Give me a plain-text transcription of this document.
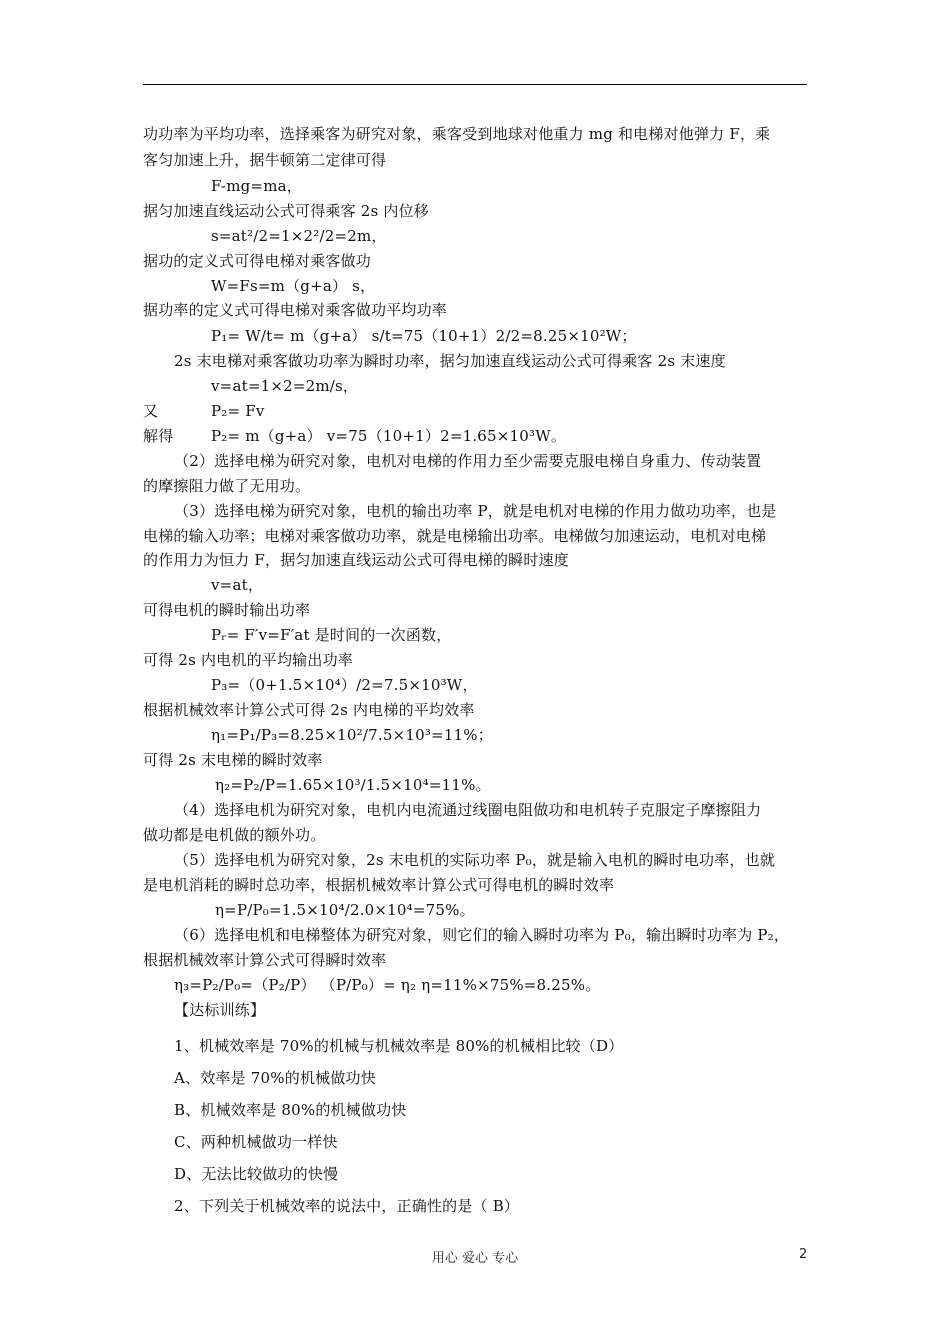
功功率为平均功率，选择乘客为研究对象，乘客受到地球对他重力 mg 和电梯对他弹力 F，乘
客匀加速上升，据牛顿第二定律可得
F-mg=ma，
据匀加速直线运动公式可得乘客 2s 内位移
s=at²/2=1×2²/2=2m，
据功的定义式可得电梯对乘客做功
W=Fs=m（g+a） s，
据功率的定义式可得电梯对乘客做功平均功率
P₁= W/t= m（g+a） s/t=75（10+1）2/2=8.25×10²W；
2s 末电梯对乘客做功功率为瞬时功率，据匀加速直线运动公式可得乘客 2s 末速度
v=at=1×2=2m/s，
又	P₂= Fv
解得	P₂= m（g+a） v=75（10+1）2=1.65×10³W。
（2）选择电梯为研究对象，电机对电梯的作用力至少需要克服电梯自身重力、传动装置
的摩擦阻力做了无用功。
（3）选择电梯为研究对象，电机的输出功率 P，就是电机对电梯的作用力做功功率，也是
电梯的输入功率；电梯对乘客做功功率，就是电梯输出功率。电梯做匀加速运动，电机对电梯
的作用力为恒力 F，据匀加速直线运动公式可得电梯的瞬时速度
v=at，
可得电机的瞬时输出功率
Pᵣ= F′v=F′at 是时间的一次函数，
可得 2s 内电机的平均输出功率
P₃=（0+1.5×10⁴）/2=7.5×10³W，
根据机械效率计算公式可得 2s 内电梯的平均效率
η₁=P₁/P₃=8.25×10²/7.5×10³=11%；
可得 2s 末电梯的瞬时效率
η₂=P₂/P=1.65×10³/1.5×10⁴=11%。
（4）选择电机为研究对象，电机内电流通过线圈电阻做功和电机转子克服定子摩擦阻力
做功都是电机做的额外功。
（5）选择电机为研究对象，2s 末电机的实际功率 P₀，就是输入电机的瞬时电功率，也就
是电机消耗的瞬时总功率，根据机械效率计算公式可得电机的瞬时效率
η=P/P₀=1.5×10⁴/2.0×10⁴=75%。
（6）选择电机和电梯整体为研究对象，则它们的输入瞬时功率为 P₀，输出瞬时功率为 P₂，
根据机械效率计算公式可得瞬时效率
η₃=P₂/P₀=（P₂/P） （P/P₀）= η₂ η=11%×75%=8.25%。
【达标训练】
1、机械效率是 70%的机械与机械效率是 80%的机械相比较（D）
A、效率是 70%的机械做功快
B、机械效率是 80%的机械做功快
C、两种机械做功一样快
D、无法比较做功的快慢
2、下列关于机械效率的说法中，正确性的是（ B）
用心 爱心 专心	2
